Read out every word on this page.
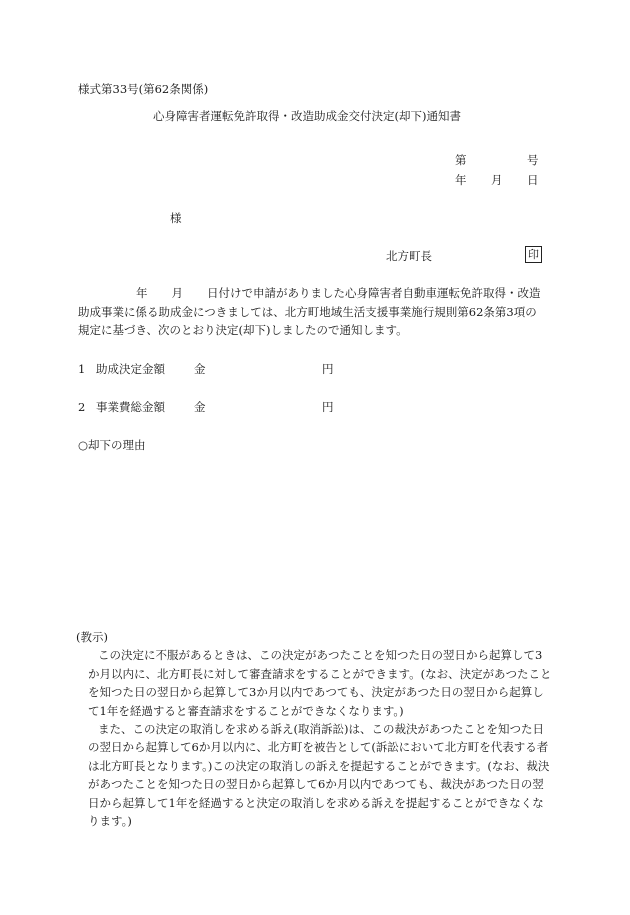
様式第33号(第62条関係)
心身障害者運転免許取得・改造助成金交付決定(却下)通知書
第	号
年 月 日
様
北方町長	印
年 月 日付けで申請がありました心身障害者自動車運転免許取得・改造
助成事業に係る助成金につきましては、北方町地域生活支援事業施行規則第62条第3項の
規定に基づき、次のとおり決定(却下)しましたので通知します。
1 助成決定金額	金	円
2 事業費総金額	金	円
○却下の理由

(教示)

この決定に不服があるときは、この決定があつたことを知つた日の翌日から起算して3か月以内に、北方町長に対して審査請求をすることができます。(なお、決定があつたことを知つた日の翌日から起算して3か月以内であつても、決定があつた日の翌日から起算して1年を経過すると審査請求をすることができなくなります。)

また、この決定の取消しを求める訴え(取消訴訟)は、この裁決があつたことを知つた日の翌日から起算して6か月以内に、北方町を被告として(訴訟において北方町を代表する者は北方町長となります。)この決定の取消しの訴えを提起することができます。(なお、裁決があつたことを知つた日の翌日から起算して6か月以内であつても、裁決があつた日の翌日から起算して1年を経過すると決定の取消しを求める訴えを提起することができなくなります。)
